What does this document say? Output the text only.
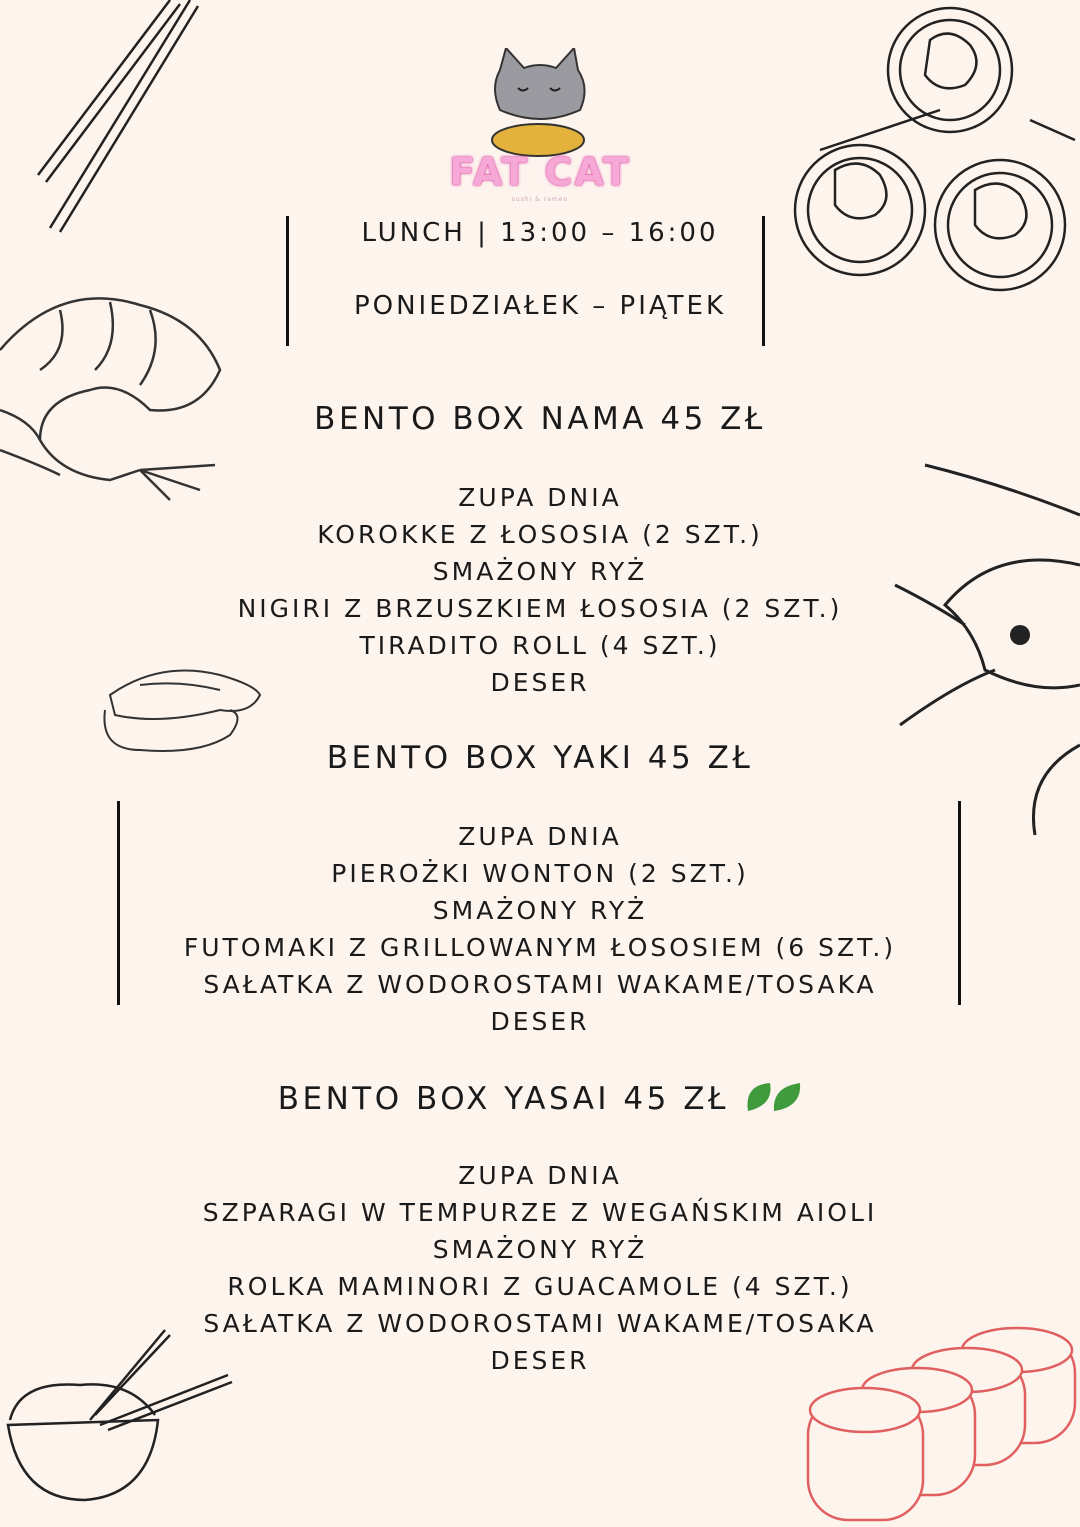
FAT CAT
sushi & ramen
LUNCH | 13:00 – 16:00
PONIEDZIAŁEK – PIĄTEK
BENTO BOX NAMA 45 ZŁ
ZUPA DNIA
KOROKKE Z ŁOSOSIA (2 SZT.)
SMAŻONY RYŻ
NIGIRI Z BRZUSZKIEM ŁOSOSIA (2 SZT.)
TIRADITO ROLL (4 SZT.)
DESER
BENTO BOX YAKI 45 ZŁ
ZUPA DNIA
PIEROŻKI WONTON (2 SZT.)
SMAŻONY RYŻ
FUTOMAKI Z GRILLOWANYM ŁOSOSIEM (6 SZT.)
SAŁATKA Z WODOROSTAMI WAKAME/TOSAKA
DESER
BENTO BOX YASAI 45 ZŁ
ZUPA DNIA
SZPARAGI W TEMPURZE Z WEGAŃSKIM AIOLI
SMAŻONY RYŻ
ROLKA MAMINORI Z GUACAMOLE (4 SZT.)
SAŁATKA Z WODOROSTAMI WAKAME/TOSAKA
DESER
